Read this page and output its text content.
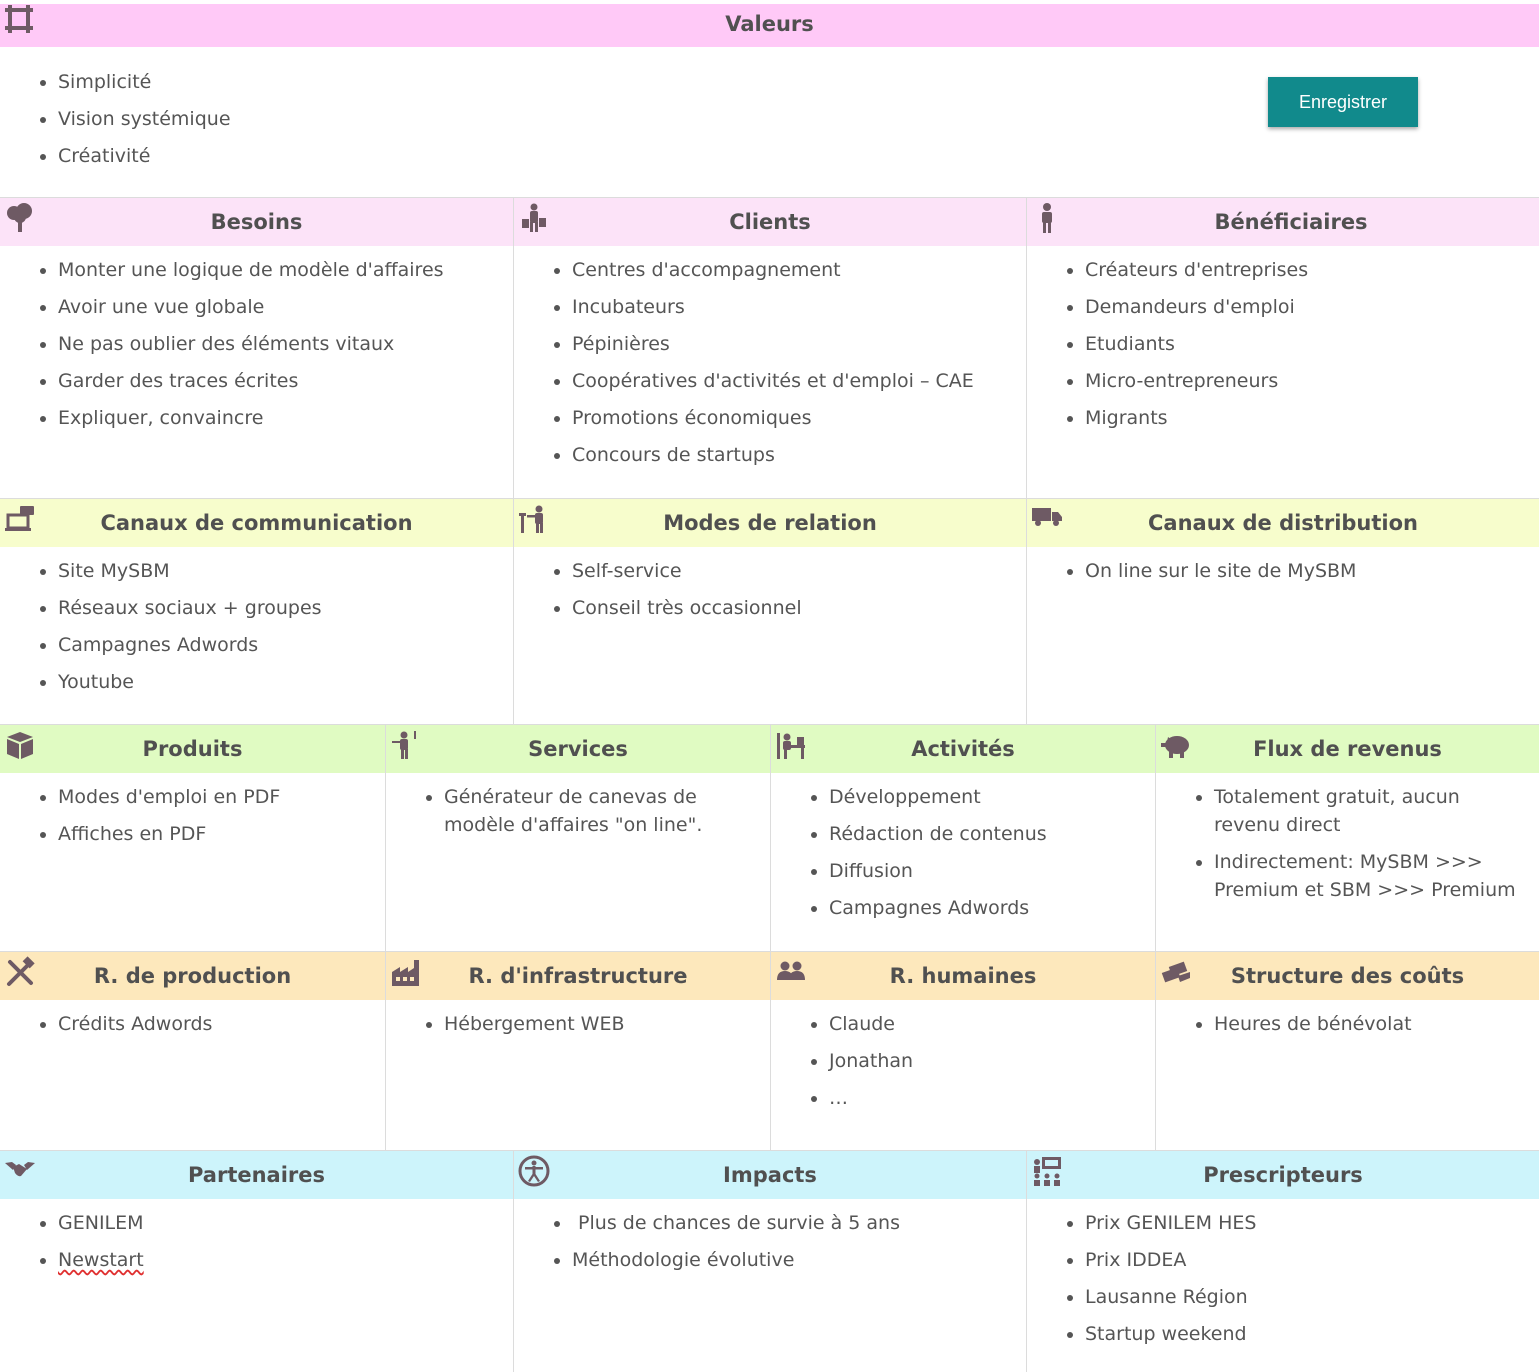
Valeurs
• Simplicité
• Vision systémique
• Créativité
Enregistrer
Besoins
• Monter une logique de modèle d'affaires
• Avoir une vue globale
• Ne pas oublier des éléments vitaux
• Garder des traces écrites
• Expliquer, convaincre
Clients
• Centres d'accompagnement
• Incubateurs
• Pépinières
• Coopératives d'activités et d'emploi – CAE
• Promotions économiques
• Concours de startups
Bénéficiaires
• Créateurs d'entreprises
• Demandeurs d'emploi
• Etudiants
• Micro-entrepreneurs
• Migrants
Canaux de communication
• Site MySBM
• Réseaux sociaux + groupes
• Campagnes Adwords
• Youtube
Modes de relation
• Self-service
• Conseil très occasionnel
Canaux de distribution
• On line sur le site de MySBM
Produits
• Modes d'emploi en PDF
• Affiches en PDF
Services
• Générateur de canevas de modèle d'affaires "on line".
Activités
• Développement
• Rédaction de contenus
• Diffusion
• Campagnes Adwords
Flux de revenus
• Totalement gratuit, aucun revenu direct
• Indirectement: MySBM >>> Premium et SBM >>> Premium
R. de production
• Crédits Adwords
R. d'infrastructure
• Hébergement WEB
R. humaines
• Claude
• Jonathan
• …
Structure des coûts
• Heures de bénévolat
Partenaires
• GENILEM
• Newstart
Impacts
•  Plus de chances de survie à 5 ans
• Méthodologie évolutive
Prescripteurs
• Prix GENILEM HES
• Prix IDDEA
• Lausanne Région
• Startup weekend
